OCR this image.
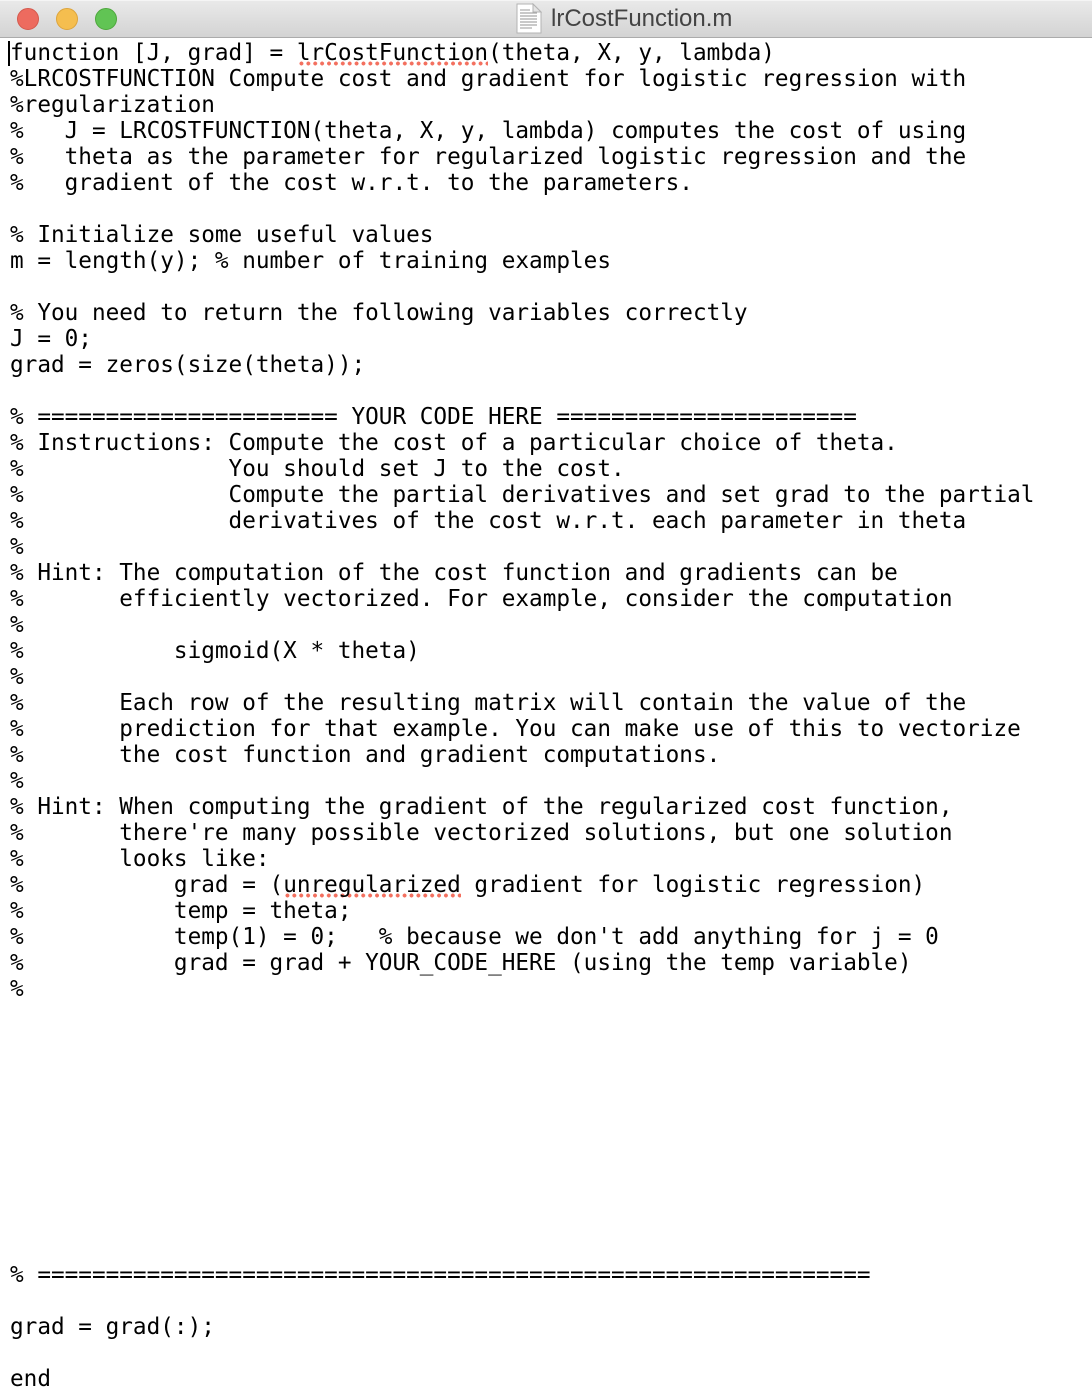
lrCostFunction.m
function [J, grad] = lrCostFunction(theta, X, y, lambda)
%LRCOSTFUNCTION Compute cost and gradient for logistic regression with
%regularization
%   J = LRCOSTFUNCTION(theta, X, y, lambda) computes the cost of using
%   theta as the parameter for regularized logistic regression and the
%   gradient of the cost w.r.t. to the parameters.

% Initialize some useful values
m = length(y); % number of training examples

% You need to return the following variables correctly
J = 0;
grad = zeros(size(theta));

% ====================== YOUR CODE HERE ======================
% Instructions: Compute the cost of a particular choice of theta.
%               You should set J to the cost.
%               Compute the partial derivatives and set grad to the partial
%               derivatives of the cost w.r.t. each parameter in theta
%
% Hint: The computation of the cost function and gradients can be
%       efficiently vectorized. For example, consider the computation
%
%           sigmoid(X * theta)
%
%       Each row of the resulting matrix will contain the value of the
%       prediction for that example. You can make use of this to vectorize
%       the cost function and gradient computations.
%
% Hint: When computing the gradient of the regularized cost function,
%       there're many possible vectorized solutions, but one solution
%       looks like:
%           grad = (unregularized gradient for logistic regression)
%           temp = theta;
%           temp(1) = 0;   % because we don't add anything for j = 0
%           grad = grad + YOUR_CODE_HERE (using the temp variable)
%

% =============================================================

grad = grad(:);

end
